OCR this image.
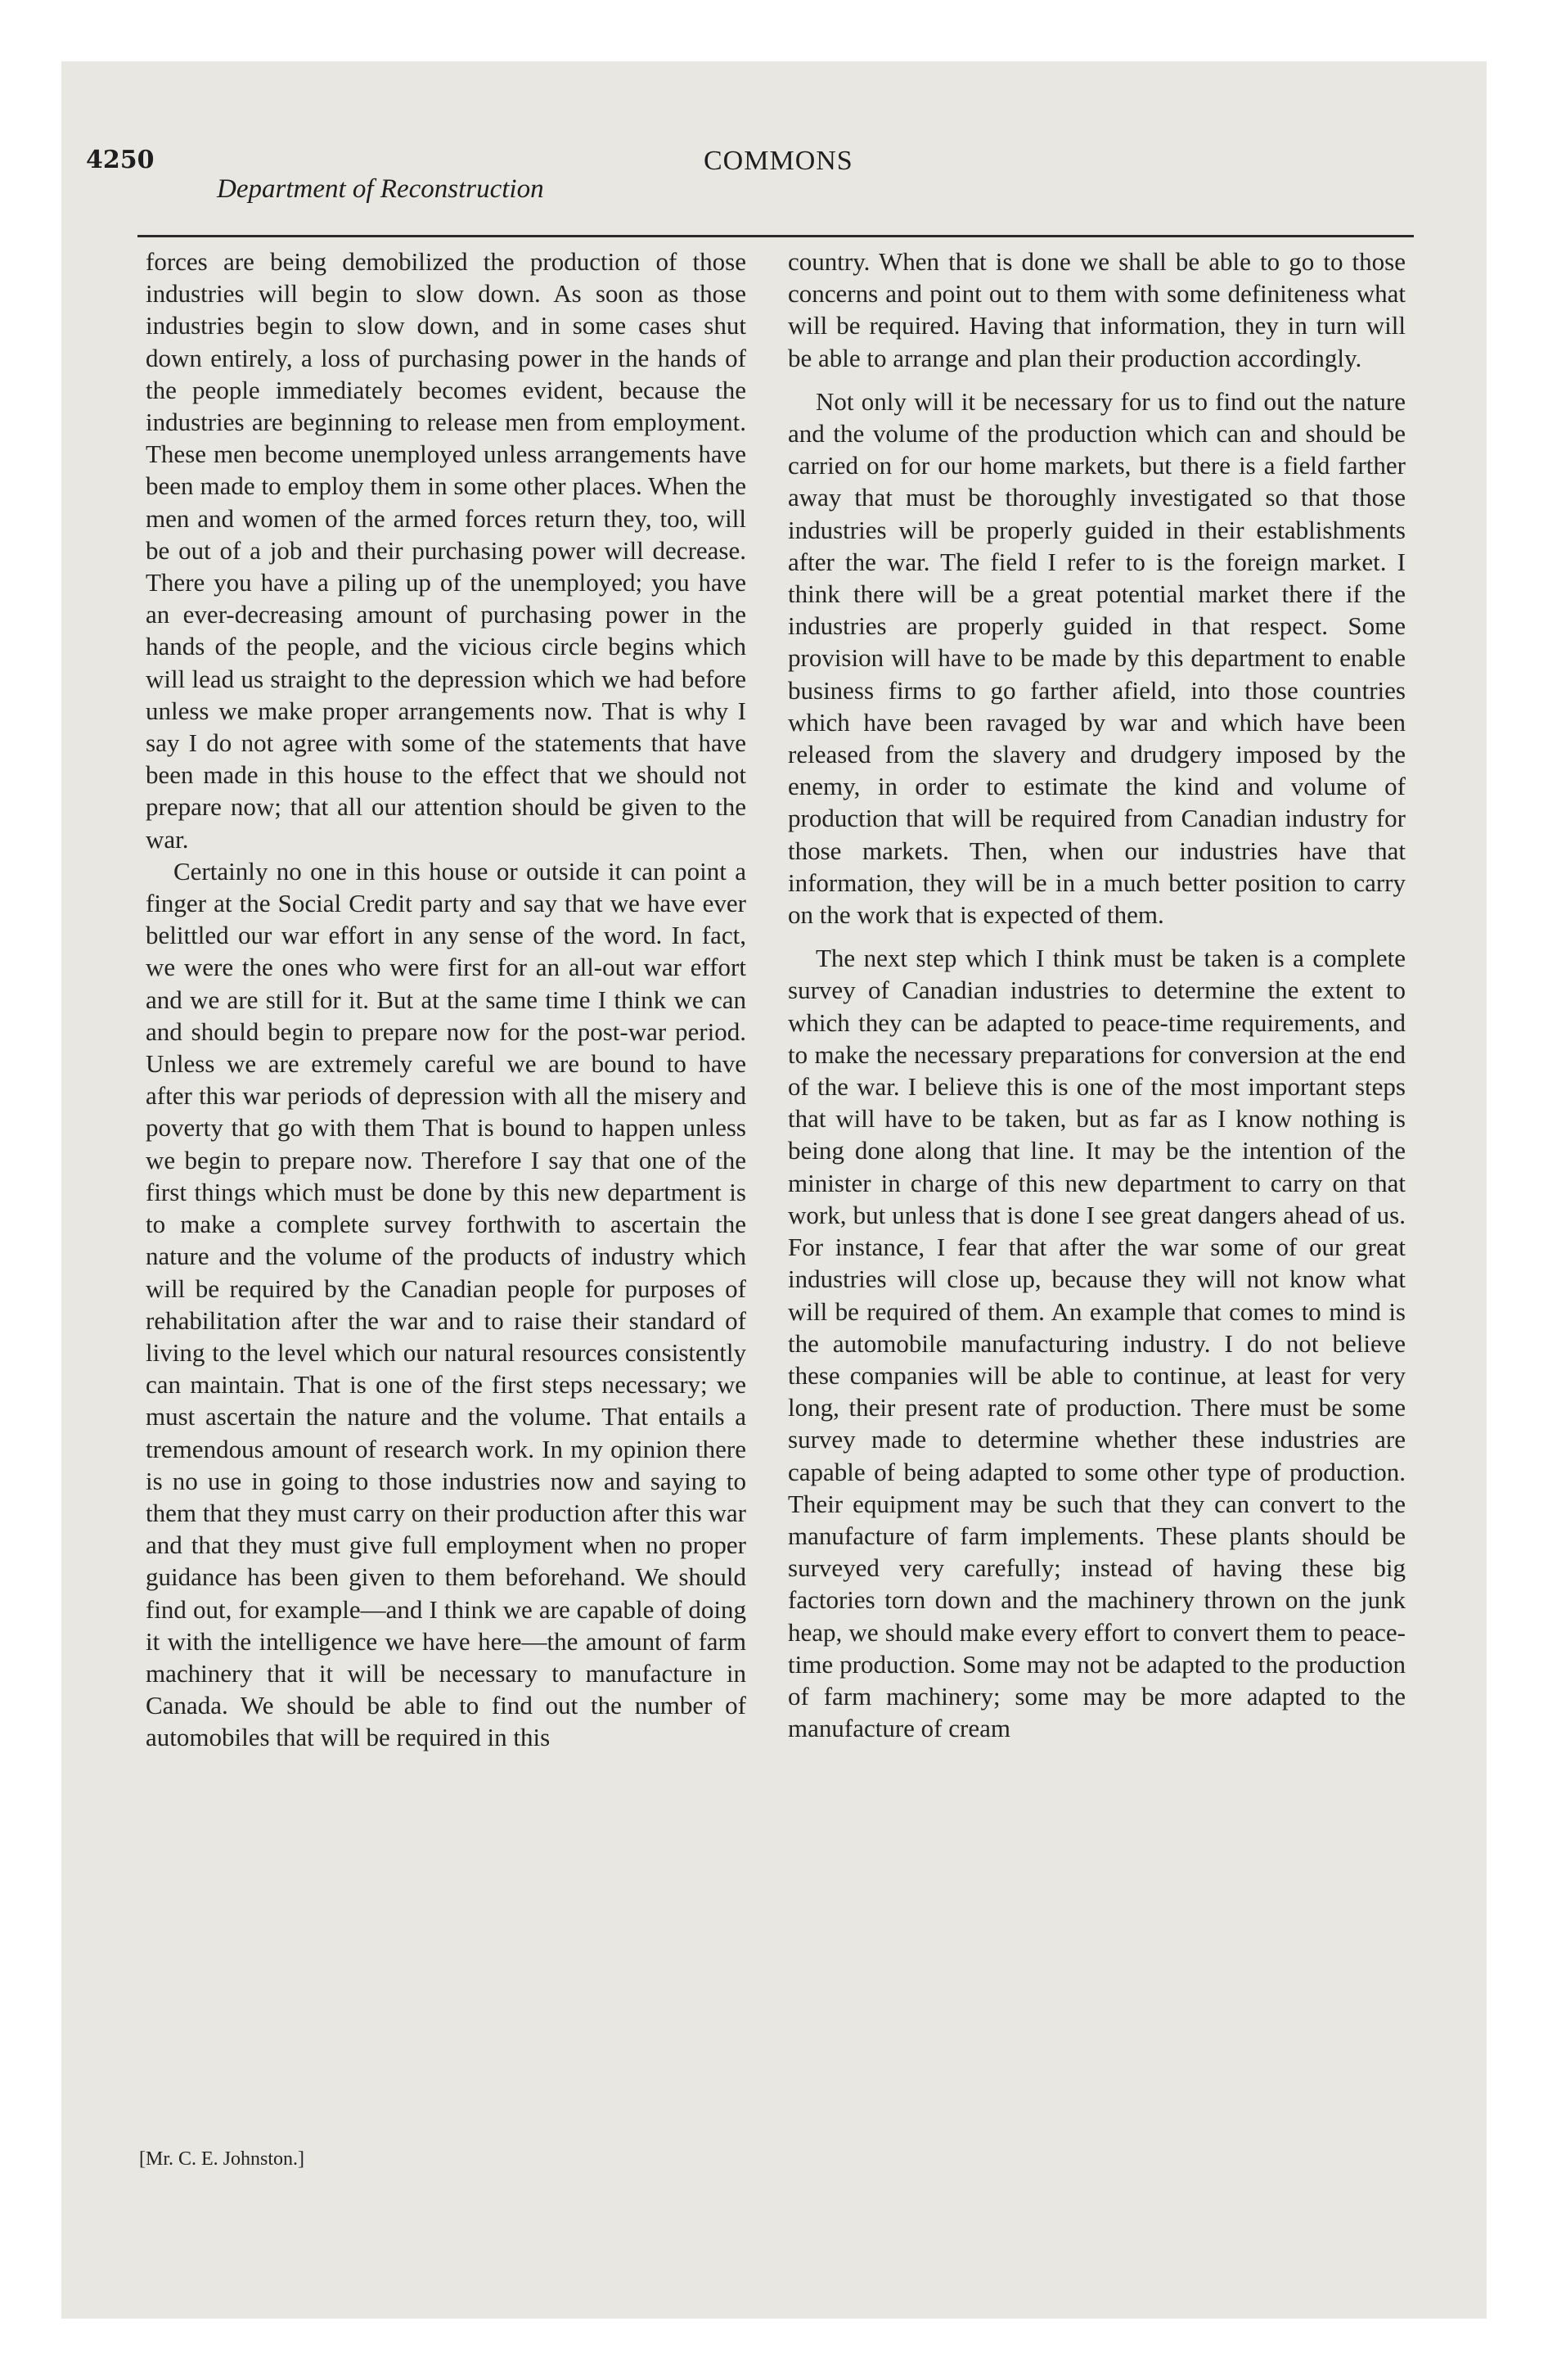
4250
Department of Reconstruction
COMMONS

forces are being demobilized the production of those industries will begin to slow down. As soon as those industries begin to slow down, and in some cases shut down entirely, a loss of purchasing power in the hands of the people immediately becomes evident, because the industries are beginning to release men from employment. These men become unemployed unless arrangements have been made to employ them in some other places. When the men and women of the armed forces return they, too, will be out of a job and their purchasing power will decrease. There you have a piling up of the unemployed; you have an ever-decreasing amount of purchasing power in the hands of the people, and the vicious circle begins which will lead us straight to the depression which we had before unless we make proper arrangements now. That is why I say I do not agree with some of the statements that have been made in this house to the effect that we should not prepare now; that all our attention should be given to the war.

Certainly no one in this house or outside it can point a finger at the Social Credit party and say that we have ever belittled our war effort in any sense of the word. In fact, we were the ones who were first for an all-out war effort and we are still for it. But at the same time I think we can and should begin to prepare now for the post-war period. Unless we are extremely careful we are bound to have after this war periods of depression with all the misery and poverty that go with them That is bound to happen unless we begin to prepare now. Therefore I say that one of the first things which must be done by this new department is to make a complete survey forthwith to ascertain the nature and the volume of the products of industry which will be required by the Canadian people for purposes of rehabilitation after the war and to raise their standard of living to the level which our natural resources consistently can maintain. That is one of the first steps necessary; we must ascertain the nature and the volume. That entails a tremendous amount of research work. In my opinion there is no use in going to those industries now and saying to them that they must carry on their production after this war and that they must give full employment when no proper guidance has been given to them beforehand. We should find out, for example—and I think we are capable of doing it with the intelligence we have here—the amount of farm machinery that it will be necessary to manufacture in Canada. We should be able to find out the number of automobiles that will be required in this

country. When that is done we shall be able to go to those concerns and point out to them with some definiteness what will be required. Having that information, they in turn will be able to arrange and plan their production accordingly.

Not only will it be necessary for us to find out the nature and the volume of the production which can and should be carried on for our home markets, but there is a field farther away that must be thoroughly investigated so that those industries will be properly guided in their establishments after the war. The field I refer to is the foreign market. I think there will be a great potential market there if the industries are properly guided in that respect. Some provision will have to be made by this department to enable business firms to go farther afield, into those countries which have been ravaged by war and which have been released from the slavery and drudgery imposed by the enemy, in order to estimate the kind and volume of production that will be required from Canadian industry for those markets. Then, when our industries have that information, they will be in a much better position to carry on the work that is expected of them.

The next step which I think must be taken is a complete survey of Canadian industries to determine the extent to which they can be adapted to peace-time requirements, and to make the necessary preparations for conversion at the end of the war. I believe this is one of the most important steps that will have to be taken, but as far as I know nothing is being done along that line. It may be the intention of the minister in charge of this new department to carry on that work, but unless that is done I see great dangers ahead of us. For instance, I fear that after the war some of our great industries will close up, because they will not know what will be required of them. An example that comes to mind is the automobile manufacturing industry. I do not believe these companies will be able to continue, at least for very long, their present rate of production. There must be some survey made to determine whether these industries are capable of being adapted to some other type of production. Their equipment may be such that they can convert to the manufacture of farm implements. These plants should be surveyed very carefully; instead of having these big factories torn down and the machinery thrown on the junk heap, we should make every effort to convert them to peace-time production. Some may not be adapted to the production of farm machinery; some may be more adapted to the manufacture of cream

[Mr. C. E. Johnston.]
